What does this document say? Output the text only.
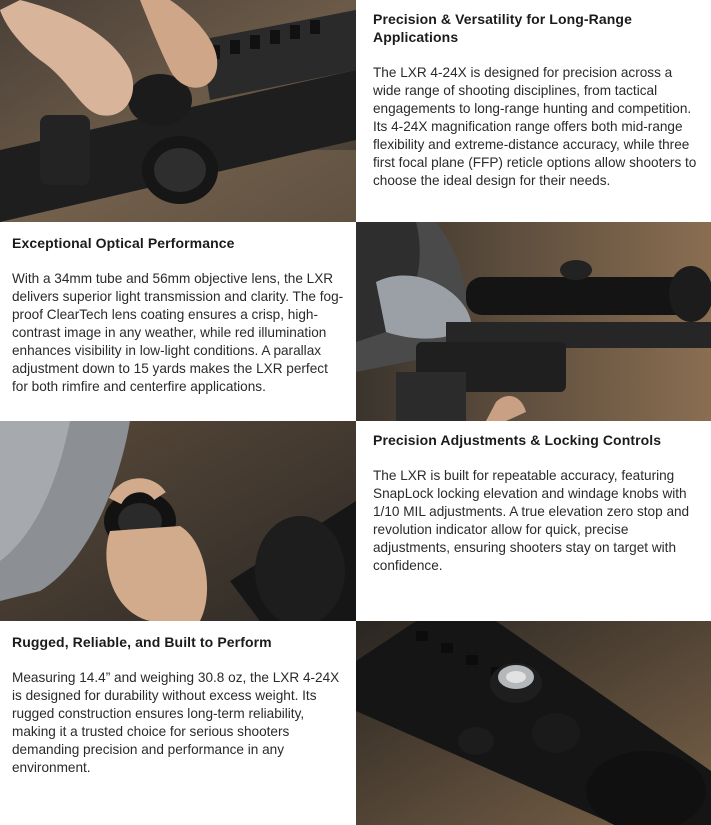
Precision & Versatility for Long-Range Applications

The LXR 4-24X is designed for precision across a wide range of shooting disciplines, from tactical engagements to long-range hunting and competition. Its 4-24X magnification range offers both mid-range flexibility and extreme-distance accuracy, while three first focal plane (FFP) reticle options allow shooters to choose the ideal design for their needs.

Exceptional Optical Performance

With a 34mm tube and 56mm objective lens, the LXR delivers superior light transmission and clarity. The fog-proof ClearTech lens coating ensures a crisp, high-contrast image in any weather, while red illumination enhances visibility in low-light conditions. A parallax adjustment down to 15 yards makes the LXR perfect for both rimfire and centerfire applications.

Precision Adjustments & Locking Controls

The LXR is built for repeatable accuracy, featuring SnapLock locking elevation and windage knobs with 1/10 MIL adjustments. A true elevation zero stop and revolution indicator allow for quick, precise adjustments, ensuring shooters stay on target with confidence.

Rugged, Reliable, and Built to Perform

Measuring 14.4” and weighing 30.8 oz, the LXR 4-24X is designed for durability without excess weight. Its rugged construction ensures long-term reliability, making it a trusted choice for serious shooters demanding precision and performance in any environment.
